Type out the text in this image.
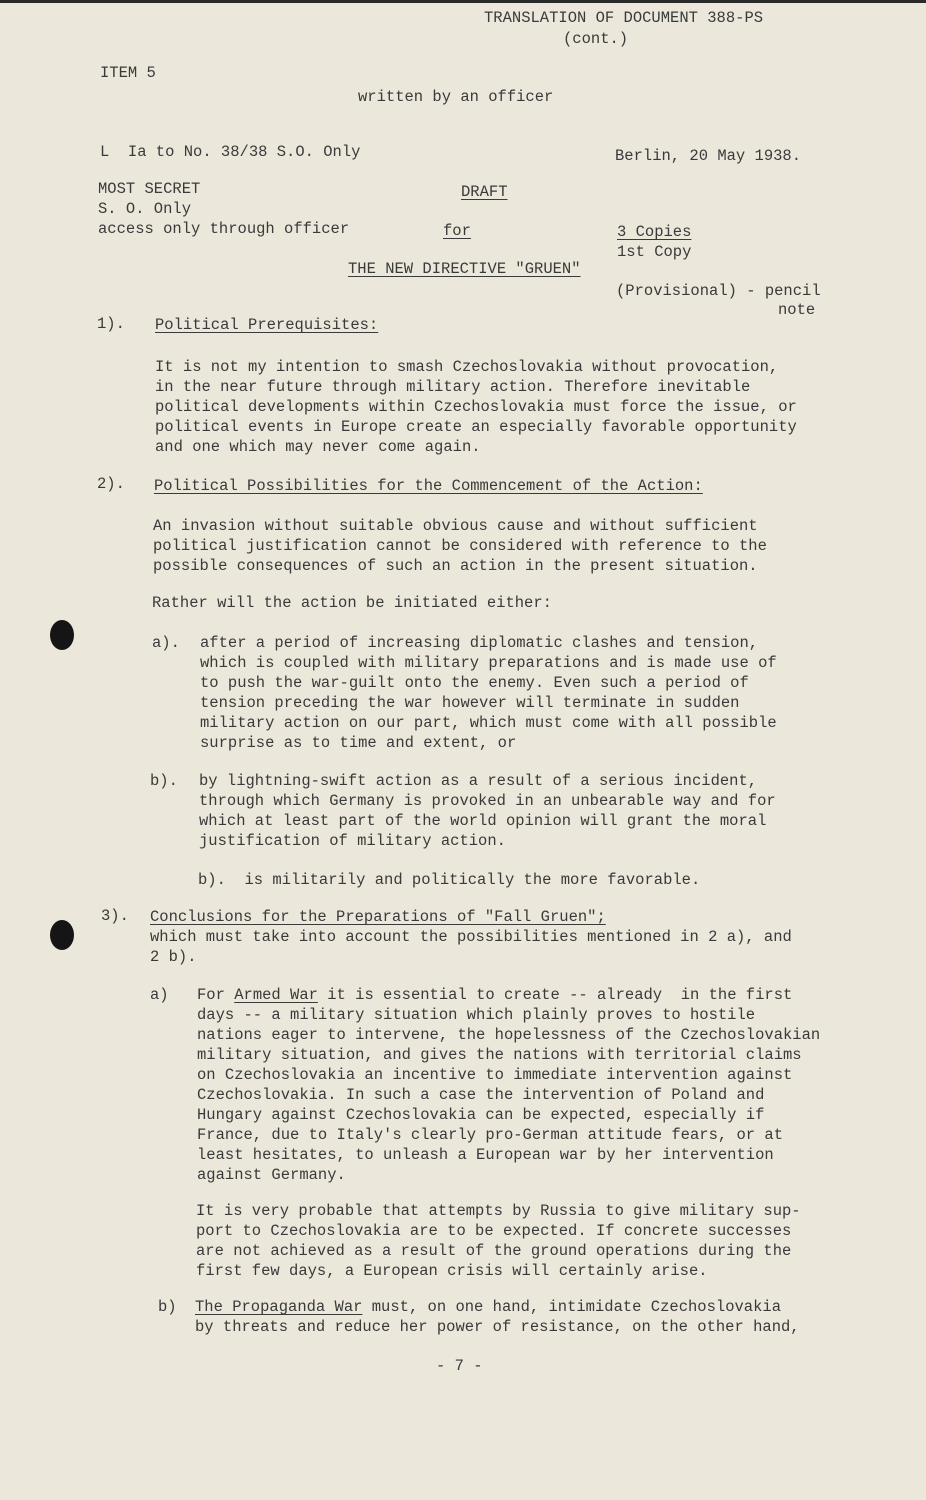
TRANSLATION OF DOCUMENT 388-PS
(cont.)
ITEM 5
written by an officer
L  Ia to No. 38/38 S.O. Only	Berlin, 20 May 1938.
MOST SECRET
S. O. Only
access only through officer
DRAFT
for	3 Copies
1st Copy
THE NEW DIRECTIVE "GRUEN"
(Provisional) - pencil
note
1). Political Prerequisites:
It is not my intention to smash Czechoslovakia without provocation,
in the near future through military action. Therefore inevitable
political developments within Czechoslovakia must force the issue, or
political events in Europe create an especially favorable opportunity
and one which may never come again.
2). Political Possibilities for the Commencement of the Action:
An invasion without suitable obvious cause and without sufficient
political justification cannot be considered with reference to the
possible consequences of such an action in the present situation.
Rather will the action be initiated either:
a). after a period of increasing diplomatic clashes and tension,
which is coupled with military preparations and is made use of
to push the war-guilt onto the enemy. Even such a period of
tension preceding the war however will terminate in sudden
military action on our part, which must come with all possible
surprise as to time and extent, or
b). by lightning-swift action as a result of a serious incident,
through which Germany is provoked in an unbearable way and for
which at least part of the world opinion will grant the moral
justification of military action.
b).  is militarily and politically the more favorable.
3). Conclusions for the Preparations of "Fall Gruen";
which must take into account the possibilities mentioned in 2 a), and
2 b).
a) For Armed War it is essential to create -- already  in the first
days -- a military situation which plainly proves to hostile
nations eager to intervene, the hopelessness of the Czechoslovakian
military situation, and gives the nations with territorial claims
on Czechoslovakia an incentive to immediate intervention against
Czechoslovakia. In such a case the intervention of Poland and
Hungary against Czechoslovakia can be expected, especially if
France, due to Italy's clearly pro-German attitude fears, or at
least hesitates, to unleash a European war by her intervention
against Germany.
It is very probable that attempts by Russia to give military sup-
port to Czechoslovakia are to be expected. If concrete successes
are not achieved as a result of the ground operations during the
first few days, a European crisis will certainly arise.
b) The Propaganda War must, on one hand, intimidate Czechoslovakia
by threats and reduce her power of resistance, on the other hand,
- 7 -
